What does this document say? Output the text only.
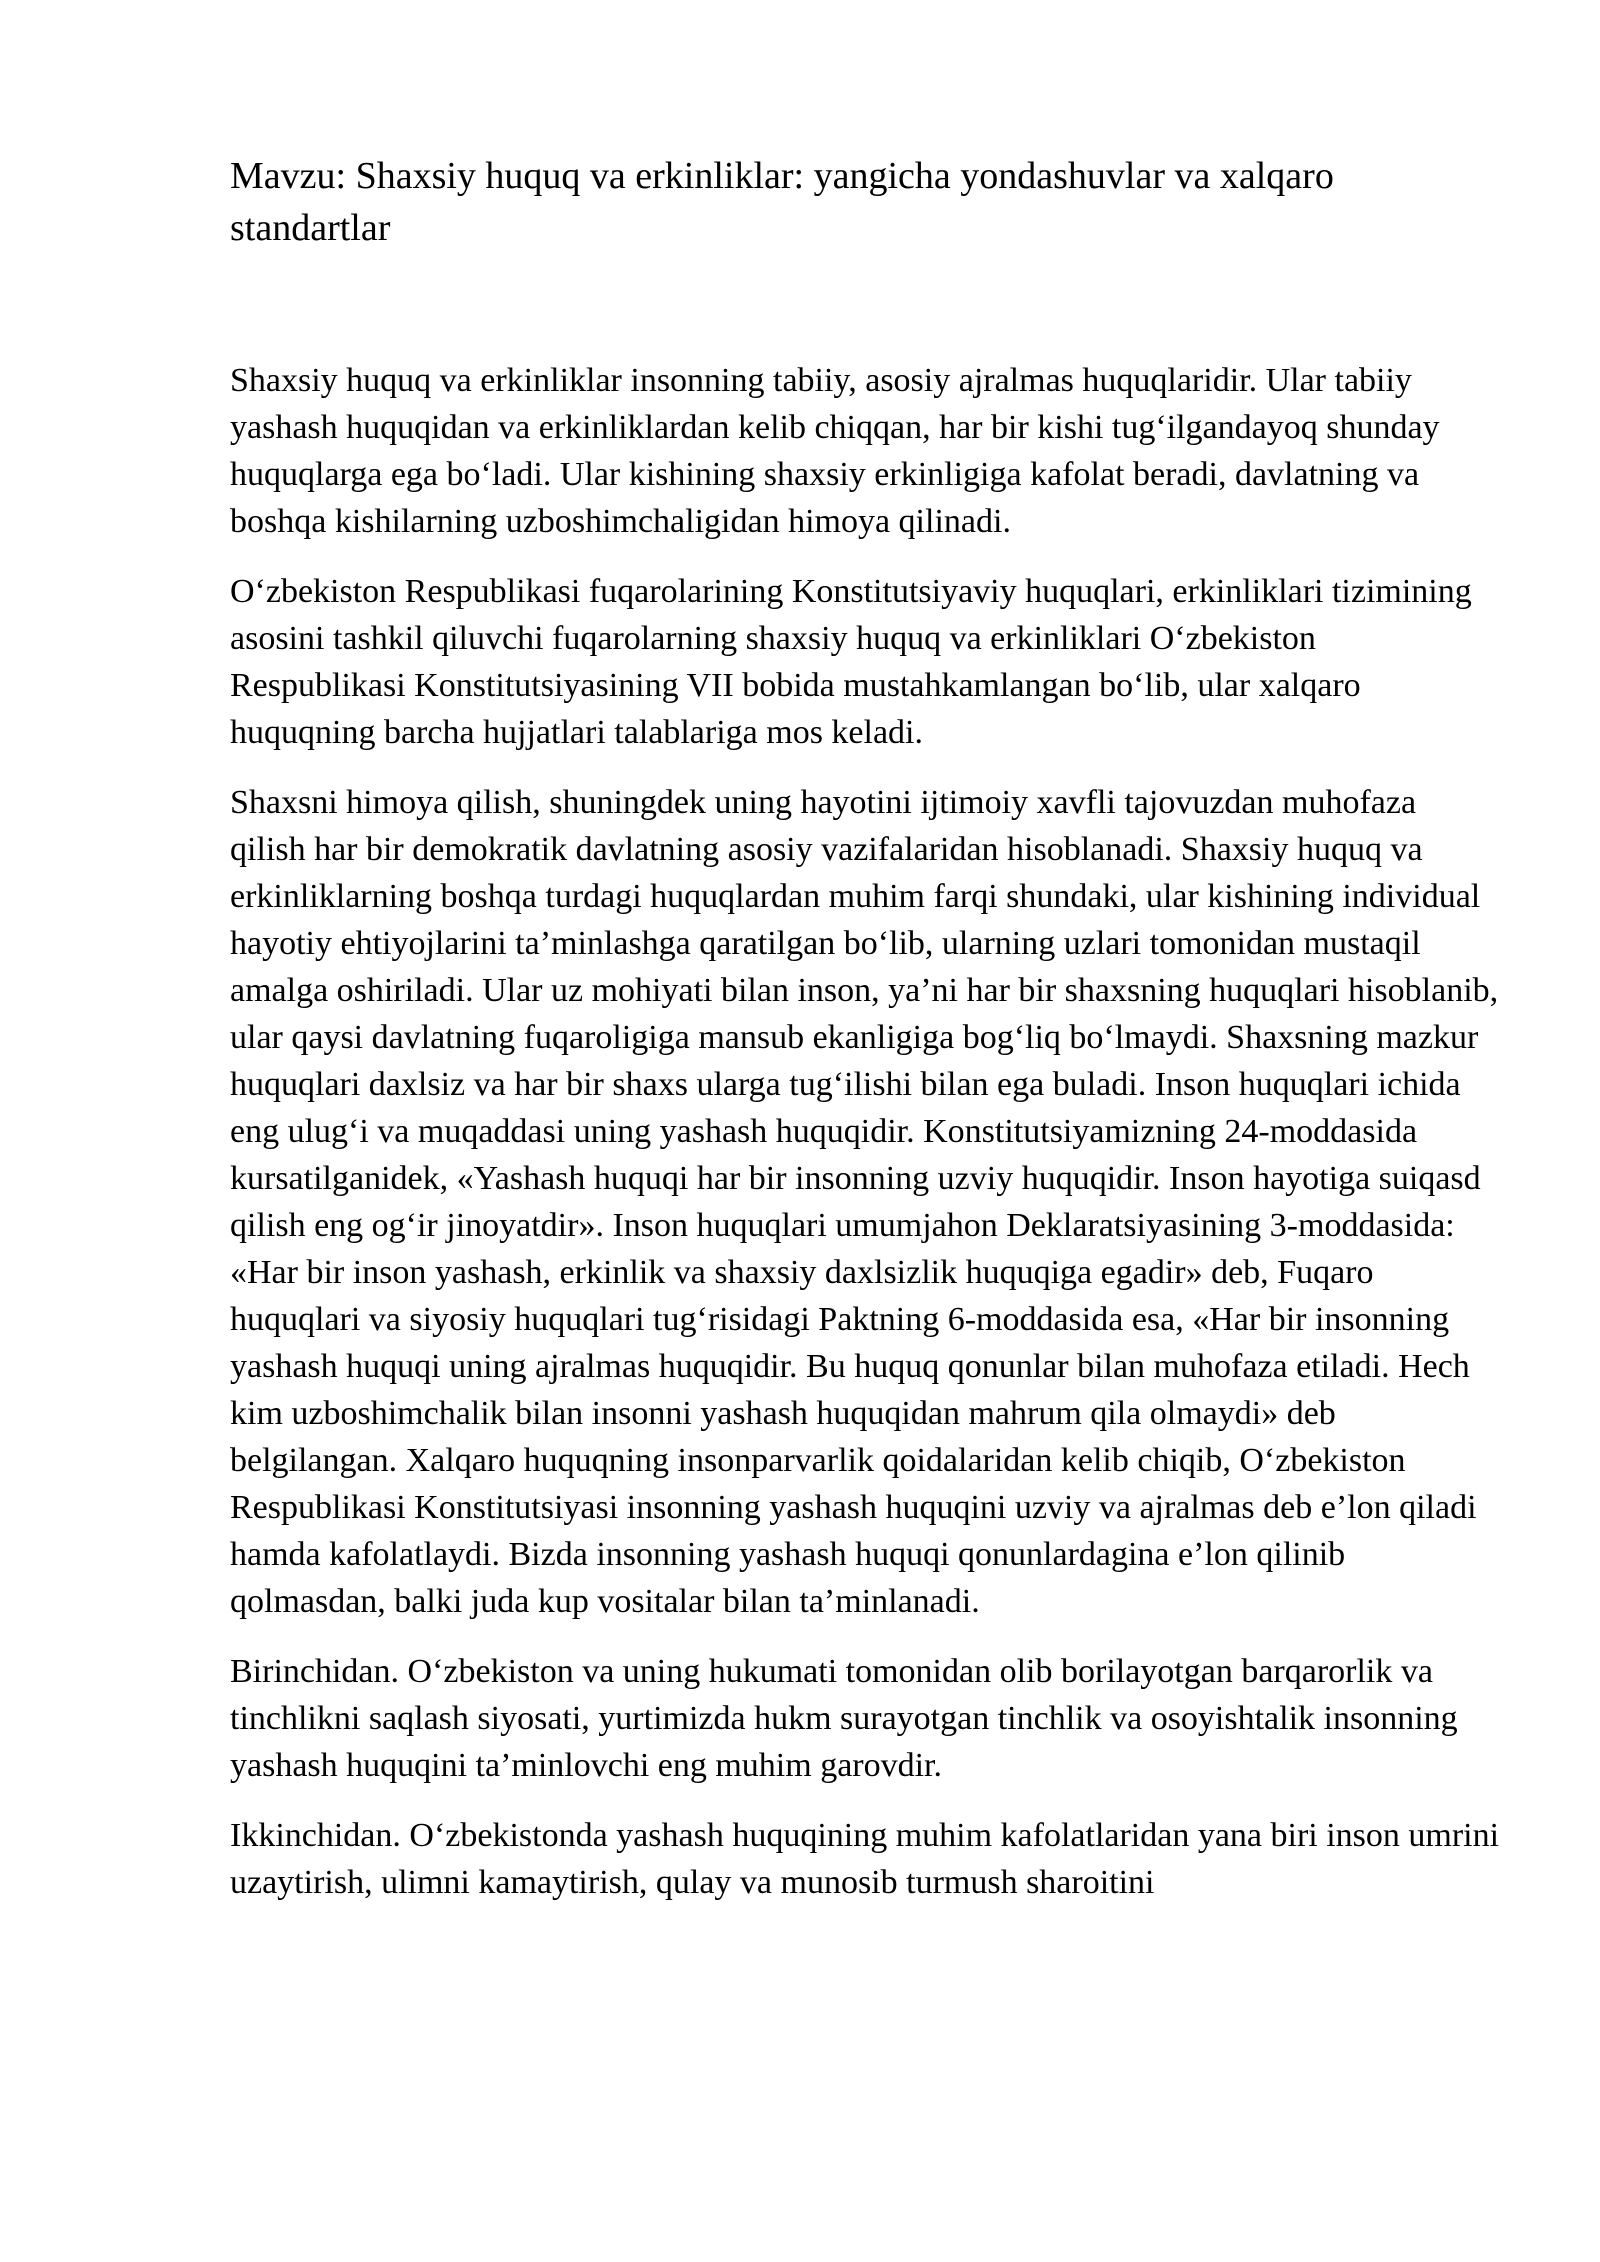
Mavzu: Shaxsiy huquq va erkinliklar: yangicha yondashuvlar va xalqaro standartlar

Shaxsiy huquq va erkinliklar insonning tabiiy, asosiy ajralmas huquqlaridir. Ular tabiiy yashash huquqidan va erkinliklardan kelib chiqqan, har bir kishi tug‘ilgandayoq shunday huquqlarga ega bo‘ladi. Ular kishining shaxsiy erkinligiga kafolat beradi, davlatning va boshqa kishilarning uzboshimchaligidan himoya qilinadi.

O‘zbekiston Respublikasi fuqarolarining Konstitutsiyaviy huquqlari, erkinliklari tizimining asosini tashkil qiluvchi fuqarolarning shaxsiy huquq va erkinliklari O‘zbekiston Respublikasi Konstitutsiyasining VII bobida mustahkamlangan bo‘lib, ular xalqaro huquqning barcha hujjatlari talablariga mos keladi.

Shaxsni himoya qilish, shuningdek uning hayotini ijtimoiy xavfli tajovuzdan muhofaza qilish har bir demokratik davlatning asosiy vazifalaridan hisoblanadi. Shaxsiy huquq va erkinliklarning boshqa turdagi huquqlardan muhim farqi shundaki, ular kishining individual hayotiy ehtiyojlarini ta’minlashga qaratilgan bo‘lib, ularning uzlari tomonidan mustaqil amalga oshiriladi. Ular uz mohiyati bilan inson, ya’ni har bir shaxsning huquqlari hisoblanib, ular qaysi davlatning fuqaroligiga mansub ekanligiga bog‘liq bo‘lmaydi. Shaxsning mazkur huquqlari daxlsiz va har bir shaxs ularga tug‘ilishi bilan ega buladi. Inson huquqlari ichida eng ulug‘i va muqaddasi uning yashash huquqidir. Konstitutsiyamizning 24-moddasida kursatilganidek, «Yashash huquqi har bir insonning uzviy huquqidir. Inson hayotiga suiqasd qilish eng og‘ir jinoyatdir». Inson huquqlari umumjahon Deklaratsiyasining 3-moddasida: «Har bir inson yashash, erkinlik va shaxsiy daxlsizlik huquqiga egadir» deb, Fuqaro huquqlari va siyosiy huquqlari tug‘risidagi Paktning 6-moddasida esa, «Har bir insonning yashash huquqi uning ajralmas huquqidir. Bu huquq qonunlar bilan muhofaza etiladi. Hech kim uzboshimchalik bilan insonni yashash huquqidan mahrum qila olmaydi» deb belgilangan. Xalqaro huquqning insonparvarlik qoidalaridan kelib chiqib, O‘zbekiston Respublikasi Konstitutsiyasi insonning yashash huquqini uzviy va ajralmas deb e’lon qiladi hamda kafolatlaydi. Bizda insonning yashash huquqi qonunlardagina e’lon qilinib qolmasdan, balki juda kup vositalar bilan ta’minlanadi.

Birinchidan. O‘zbekiston va uning hukumati tomonidan olib borilayotgan barqarorlik va tinchlikni saqlash siyosati, yurtimizda hukm surayotgan tinchlik va osoyishtalik insonning yashash huquqini ta’minlovchi eng muhim garovdir.

Ikkinchidan. O‘zbekistonda yashash huquqining muhim kafolatlaridan yana biri inson umrini uzaytirish, ulimni kamaytirish, qulay va munosib turmush sharoitini
